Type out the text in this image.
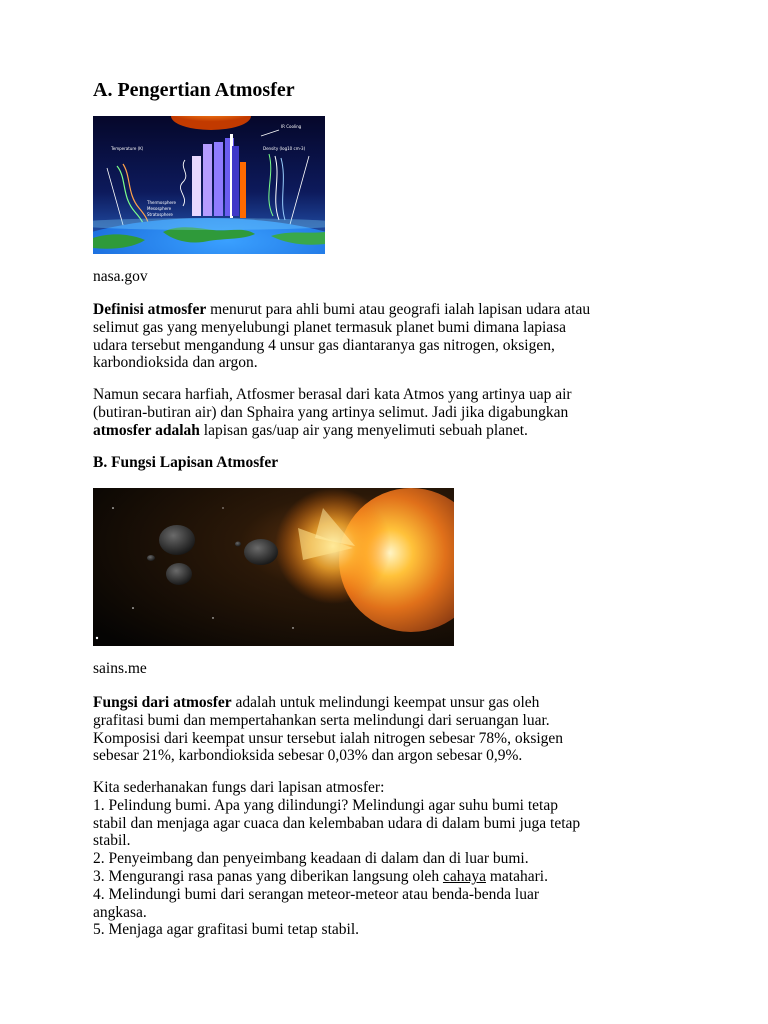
A. Pengertian Atmosfer
IR Cooling
Temperature (K)	Density (log10 cm-3)
Thermosphere
Mesosphere
Stratosphere
nasa.gov
Definisi atmosfer menurut para ahli bumi atau geografi ialah lapisan udara atau
selimut gas yang menyelubungi planet termasuk planet bumi dimana lapiasa
udara tersebut mengandung 4 unsur gas diantaranya gas nitrogen, oksigen,
karbondioksida dan argon.
Namun secara harfiah, Atfosmer berasal dari kata Atmos yang artinya uap air
(butiran-butiran air) dan Sphaira yang artinya selimut. Jadi jika digabungkan
atmosfer adalah lapisan gas/uap air yang menyelimuti sebuah planet.
B. Fungsi Lapisan Atmosfer
sains.me
Fungsi dari atmosfer adalah untuk melindungi keempat unsur gas oleh
grafitasi bumi dan mempertahankan serta melindungi dari seruangan luar.
Komposisi dari keempat unsur tersebut ialah nitrogen sebesar 78%, oksigen
sebesar 21%, karbondioksida sebesar 0,03% dan argon sebesar 0,9%.
Kita sederhanakan fungs dari lapisan atmosfer:
1. Pelindung bumi. Apa yang dilindungi? Melindungi agar suhu bumi tetap
stabil dan menjaga agar cuaca dan kelembaban udara di dalam bumi juga tetap
stabil.
2. Penyeimbang dan penyeimbang keadaan di dalam dan di luar bumi.
3. Mengurangi rasa panas yang diberikan langsung oleh cahaya matahari.
4. Melindungi bumi dari serangan meteor-meteor atau benda-benda luar
angkasa.
5. Menjaga agar grafitasi bumi tetap stabil.
